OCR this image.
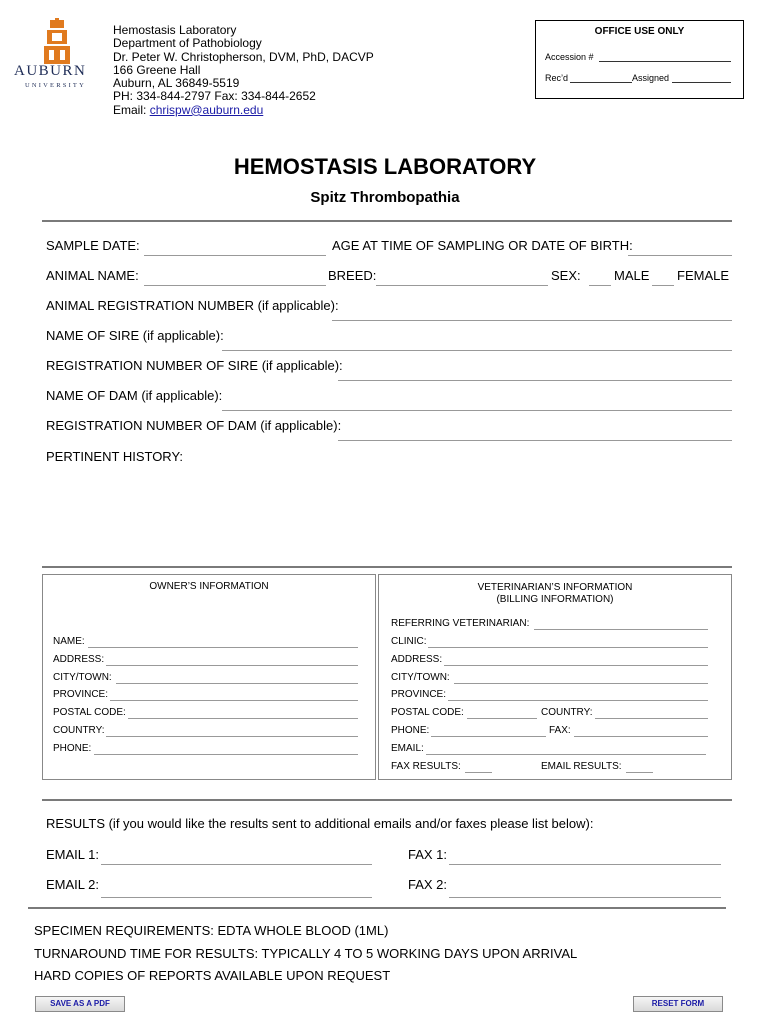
AUBURN
UNIVERSITY
Hemostasis Laboratory
Department of Pathobiology
Dr. Peter W. Christopherson, DVM, PhD, DACVP
166 Greene Hall
Auburn, AL 36849-5519
PH: 334-844-2797 Fax: 334-844-2652
Email: chrispw@auburn.edu
OFFICE USE ONLY
Accession #
Rec’d	Assigned
HEMOSTASIS LABORATORY
Spitz Thrombopathia
SAMPLE DATE:	AGE AT TIME OF SAMPLING OR DATE OF BIRTH:
ANIMAL NAME:	BREED:	SEX:	MALE FEMALE
ANIMAL REGISTRATION NUMBER (if applicable):
NAME OF SIRE (if applicable):
REGISTRATION NUMBER OF SIRE (if applicable):
NAME OF DAM (if applicable):
REGISTRATION NUMBER OF DAM (if applicable):
PERTINENT HISTORY:
OWNER’S INFORMATION
NAME:
ADDRESS:
CITY/TOWN:
PROVINCE:
POSTAL CODE:
COUNTRY:
PHONE:
VETERINARIAN’S INFORMATION
(BILLING INFORMATION)
REFERRING VETERINARIAN:
CLINIC:
ADDRESS:
CITY/TOWN:
PROVINCE:
POSTAL CODE:	COUNTRY:
PHONE:	FAX:
EMAIL:
FAX RESULTS:	EMAIL RESULTS:
RESULTS (if you would like the results sent to additional emails and/or faxes please list below):
EMAIL 1:	FAX 1:
EMAIL 2:	FAX 2:
SPECIMEN REQUIREMENTS: EDTA WHOLE BLOOD (1ML)
TURNAROUND TIME FOR RESULTS: TYPICALLY 4 TO 5 WORKING DAYS UPON ARRIVAL
HARD COPIES OF REPORTS AVAILABLE UPON REQUEST
SAVE AS A PDF	RESET FORM
